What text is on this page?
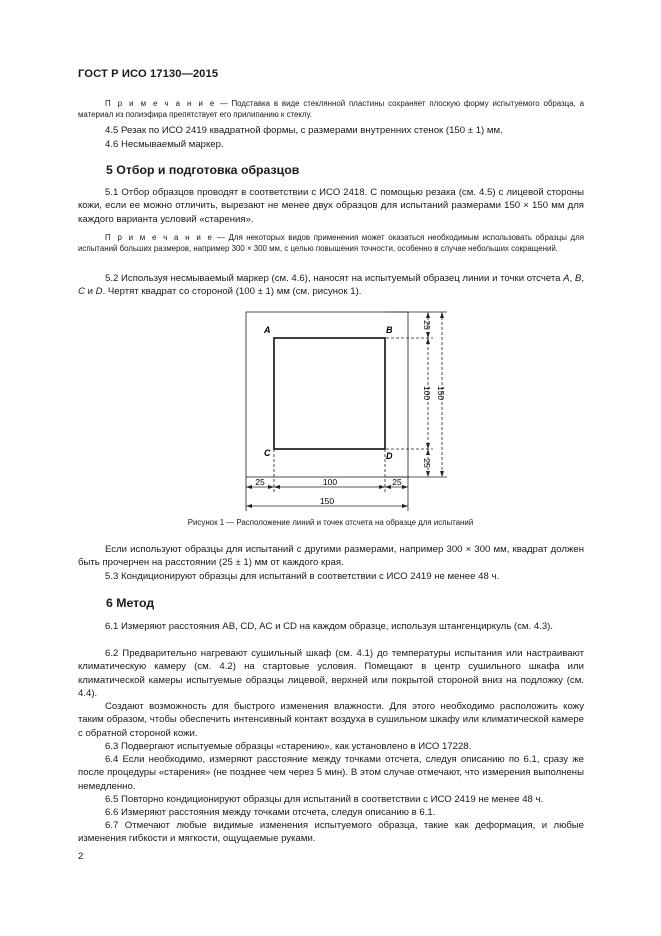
ГОСТ Р ИСО 17130—2015
П р и м е ч а н и е — Подставка в виде стеклянной пластины сохраняет плоскую форму испытуемого образца, а материал из полиэфира препятствует его прилипанию к стеклу.
4.5 Резак по ИСО 2419 квадратной формы, с размерами внутренних стенок (150 ± 1) мм.
4.6 Несмываемый маркер.
5 Отбор и подготовка образцов
5.1 Отбор образцов проводят в соответствии с ИСО 2418. С помощью резака (см. 4.5) с лицевой стороны кожи, если ее можно отличить, вырезают не менее двух образцов для испытаний размерами 150 × 150 мм для каждого варианта условий «старения».
П р и м е ч а н и е — Для некоторых видов применения может оказаться необходимым использовать образцы для испытаний больших размеров, например 300 × 300 мм, с целью повышения точности, особенно в случае небольших сокращений.
5.2 Используя несмываемый маркер (см. 4.6), наносят на испытуемый образец линии и точки отсчета A, B, C и D. Чертят квадрат со стороной (100 ± 1) мм (см. рисунок 1).
A	B
C	D
25
100 150
25
25	100	25
150
Рисунок 1 — Расположение линий и точек отсчета на образце для испытаний
Если используют образцы для испытаний с другими размерами, например 300 × 300 мм, квадрат должен быть прочерчен на расстоянии (25 ± 1) мм от каждого края.
5.3 Кондиционируют образцы для испытаний в соответствии с ИСО 2419 не менее 48 ч.
6 Метод
6.1 Измеряют расстояния AB, CD, AC и CD на каждом образце, используя штангенциркуль (см. 4.3).
6.2 Предварительно нагревают сушильный шкаф (см. 4.1) до температуры испытания или настраивают климатическую камеру (см. 4.2) на стартовые условия. Помещают в центр сушильного шкафа или климатической камеры испытуемые образцы лицевой, верхней или покрытой стороной вниз на подложку (см. 4.4).
Создают возможность для быстрого изменения влажности. Для этого необходимо расположить кожу таким образом, чтобы обеспечить интенсивный контакт воздуха в сушильном шкафу или климатической камере с обратной стороной кожи.
6.3 Подвергают испытуемые образцы «старению», как установлено в ИСО 17228.
6.4 Если необходимо, измеряют расстояние между точками отсчета, следуя описанию по 6.1, сразу же после процедуры «старения» (не позднее чем через 5 мин). В этом случае отмечают, что измерения выполнены немедленно.
6.5 Повторно кондиционируют образцы для испытаний в соответствии с ИСО 2419 не менее 48 ч.
6.6 Измеряют расстояния между точками отсчета, следуя описанию в 6.1.
6.7 Отмечают любые видимые изменения испытуемого образца, такие как деформация, и любые изменения гибкости и мягкости, ощущаемые руками.
2
